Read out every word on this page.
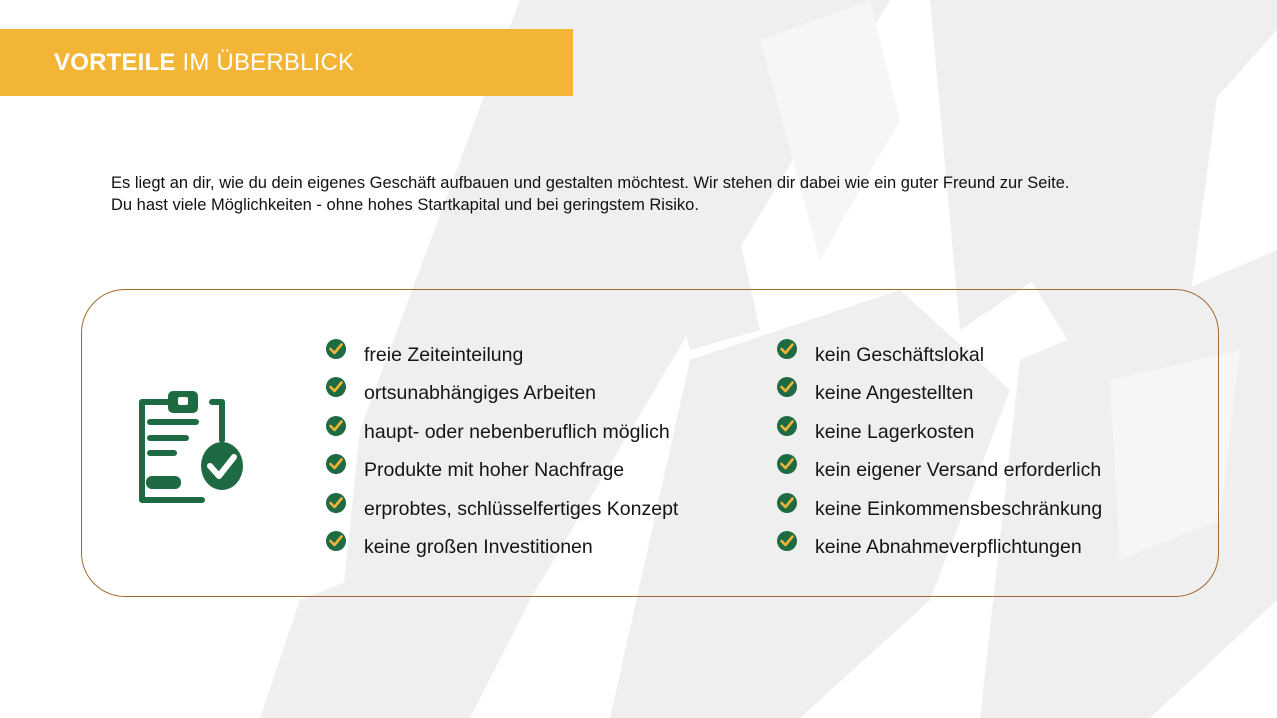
VORTEILE IM ÜBERBLICK

Es liegt an dir, wie du dein eigenes Geschäft aufbauen und gestalten möchtest. Wir stehen dir dabei wie ein guter Freund zur Seite.

Du hast viele Möglichkeiten - ohne hohes Startkapital und bei geringstem Risiko.

freie Zeiteinteilung
ortsunabhängiges Arbeiten
haupt- oder nebenberuflich möglich
Produkte mit hoher Nachfrage
erprobtes, schlüsselfertiges Konzept
keine großen Investitionen
kein Geschäftslokal
keine Angestellten
keine Lagerkosten
kein eigener Versand erforderlich
keine Einkommensbeschränkung
keine Abnahmeverpflichtungen
